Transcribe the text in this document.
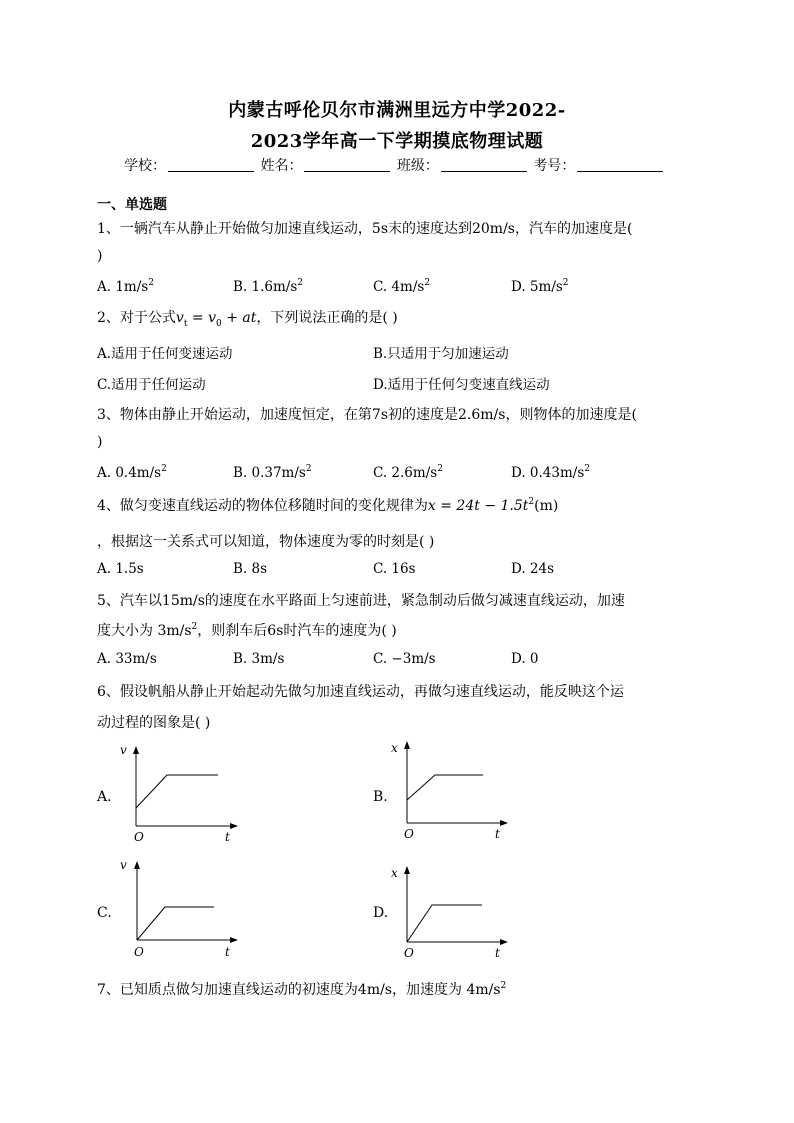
内蒙古呼伦贝尔市满洲里远方中学2022-
2023学年高一下学期摸底物理试题
学校：	姓名：	班级：	考号：
一、单选题
1、一辆汽车从静止开始做匀加速直线运动，5s末的速度达到20m/s，汽车的加速度是(
)
A. $1m/s^2$	B. $1.6m/s^2$	C. $4m/s^2$	D. $5m/s^2$
2、对于公式$v_t = v_0$ + at，下列说法正确的是( )
A.适用于任何变速运动	B.只适用于匀加速运动
C.适用于任何运动	D.适用于任何匀变速直线运动
3、物体由静止开始运动，加速度恒定，在第7s初的速度是2.6m/s，则物体的加速度是(
)
A. $0.4m/s^2$	B. $0.37m/s^2$	C. $2.6m/s^2$	D. $0.43m/s^2$
4、做匀变速直线运动的物体位移随时间的变化规律为$x = 24t - 1.5t^2(m)$
，根据这一关系式可以知道，物体速度为零的时刻是( )
A. 1.5s	B. 8s	C. 16s	D. 24s
5、汽车以15m/s的速度在水平路面上匀速前进，紧急制动后做匀减速直线运动，加速
度大小为 $3m/s^2$，则刹车后6s时汽车的速度为( )
A. 33m/s	B. 3m/s	C. −3m/s	D. 0
6、假设帆船从静止开始起动先做匀加速直线运动，再做匀速直线运动，能反映这个运
动过程的图象是( )
A.
v
O	t
B.
x
O	t
C.
v
O	t
D.
x
O	t
7、已知质点做匀加速直线运动的初速度为4m/s，加速度为 $4m/s^2$
